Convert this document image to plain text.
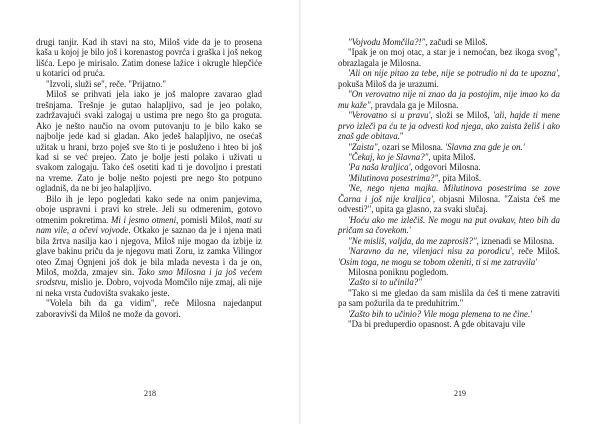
drugi tanjir. Kad ih stavi na sto, Miloš vide da je to prosena kaša u kojoj je bilo još i korenastog povrća i graška i još nekog lišća. Lepo je mirisalo. Zatim donese lažice i okrugle hlepčiće u kotarici od pruća.

"Izvoli, služi se", reče. "Prijatno."

Miloš se prihvati jela iako je još malopre zavarao glad trešnjama. Trešnje je gutao halapljivo, sad je jeo polako, zadržavajući svaki zalogaj u ustima pre nego što ga progutа. Ako je nešto naučio na ovom putovanju to je bilo kako se najbolje jede kad si gladan. Ako jedeš halapljivo, ne osećaš užitak u hrani, brzo poješ sve što ti je posluženo i hteo bi još kad si se već prejeo. Zato je bolje jesti polako i uživati u svakom zalogaju. Tako ćeš osetiti kad ti je dovoljno i prestati na vreme. Zato je bolje nešto pojesti pre nego što potpuno ogladniš, da ne bi jeo halapljivo.

Bilo ih je lepo pogledati kako sede na onim panjevima, oboje uspravni i pravi ko strele. Jeli su odmerenim, gotovo otmenim pokretima. Mi i jesmo otmeni, pomisli Miloš, mati su nam vile, a očevi vojvode. Otkako je saznao da je i njena mati bila žrtva nasilja kao i njegova, Miloš nije mogao da izbije iz glave bakinu priču da je njegovu mati Zoru, iz zamka Vilingor oteo Zmaj Ognjeni još dok je bila mlada nevesta i da je on, Miloš, možda, zmajev sin. Tako smo Milosna i ja još većem srodstvu, mislio je. Dobro, vojvoda Momčilo nije zmaj, ali nije ni neka vrsta čudovišta svakako jeste.

"Volela bih da ga vidim", reče Milosna najedanput zaboravivši da Miloš ne može da govori.

218

"Vojvodu Momčila?!", začudi se Miloš.

"Ipak je on moj otac, a star je i nemoćan, bez ikoga svog", obrazlagala je Milosna.

'Ali on nije pitao za tebe, nije se potrudio ni da te upozna', pokuša Miloš da je urazumi.

"On verovatno nije ni znao da ja postojim, nije imao ko da mu kaže", pravdala ga je Milosna.

"Verovatno si u pravu', složi se Miloš, 'ali, hajde ti mene prvo izleči pa ću te ja odvesti kod njega, ako zaista želiš i ako znaš gde obitava."

"Zaista", ozari se Milosna. 'Slavna zna gde je on.'

"Čekaj, ko je Slavna?", upita Miloš.

'Pa naša kraljica', odgovori Milosna.

'Milutinova posestrima?", pita Miloš.

'Ne, nego njena majka. Milutinova posestrima se zove Čarna i još nije kraljica', objasni Milosna. "Zaista ćeš me odvesti?", upita ga glasno, za svaki slučaj.

'Hoću ako me izlečiš. Ne mogu na put ovakav, hteo bih da pričam sa čovekom.'

"Ne misliš, valjda, da me zaprosiš?", iznenadi se Milosna.

'Naravno da ne, vilenjaci nisu za porodicu', reče Miloš. 'Osim toga, ne mogu se tobom oženiti, ti si me zatravila'

Milosna poniknu pogledom.

'Zašto si to učinila?"

"Tako si me gledao da sam mislila da ćeš ti mene zatraviti pa sam požurila da te preduhitrim."

'Zašto bih to učinio? Vile moga plemena to ne čine.'

"Da bi preduperdio opasnost. A gde obitavaju vile

219
